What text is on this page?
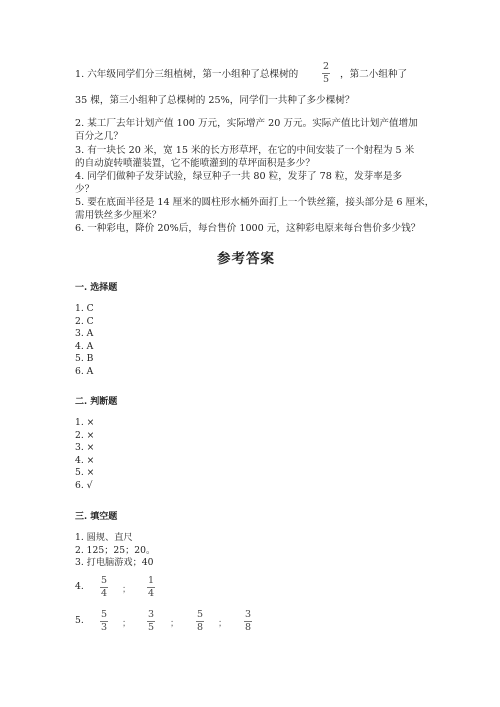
1. 六年级同学们分三组植树，第一小组种了总棵树的
2
5 ，第二小组种了
35 棵，第三小组种了总棵树的 25%，同学们一共种了多少棵树？
2. 某工厂去年计划产值 100 万元，实际增产 20 万元。实际产值比计划产值增加
百分之几？
3. 有一块长 20 米，宽 15 米的长方形草坪，在它的中间安装了一个射程为 5 米
的自动旋转喷灌装置，它不能喷灌到的草坪面积是多少？
4. 同学们做种子发芽试验，绿豆种子一共 80 粒，发芽了 78 粒，发芽率是多
少？
5. 要在底面半径是 14 厘米的圆柱形水桶外面打上一个铁丝箍，接头部分是 6 厘米，
需用铁丝多少厘米？
6. 一种彩电，降价 20%后，每台售价 1000 元，这种彩电原来每台售价多少钱？
参考答案
一. 选择题
1. C
2. C
3. A
4. A
5. B
6. A
二. 判断题
1. ×
2. ×
3. ×
4. ×
5. ×
6. √
三. 填空题
1. 圆规、直尺
2. 125；25；20。
3. 打电脑游戏；40
4.
5
4 ；
1
4
5.
5
3 ；
3
5 ；
5
8 ；
3
8
